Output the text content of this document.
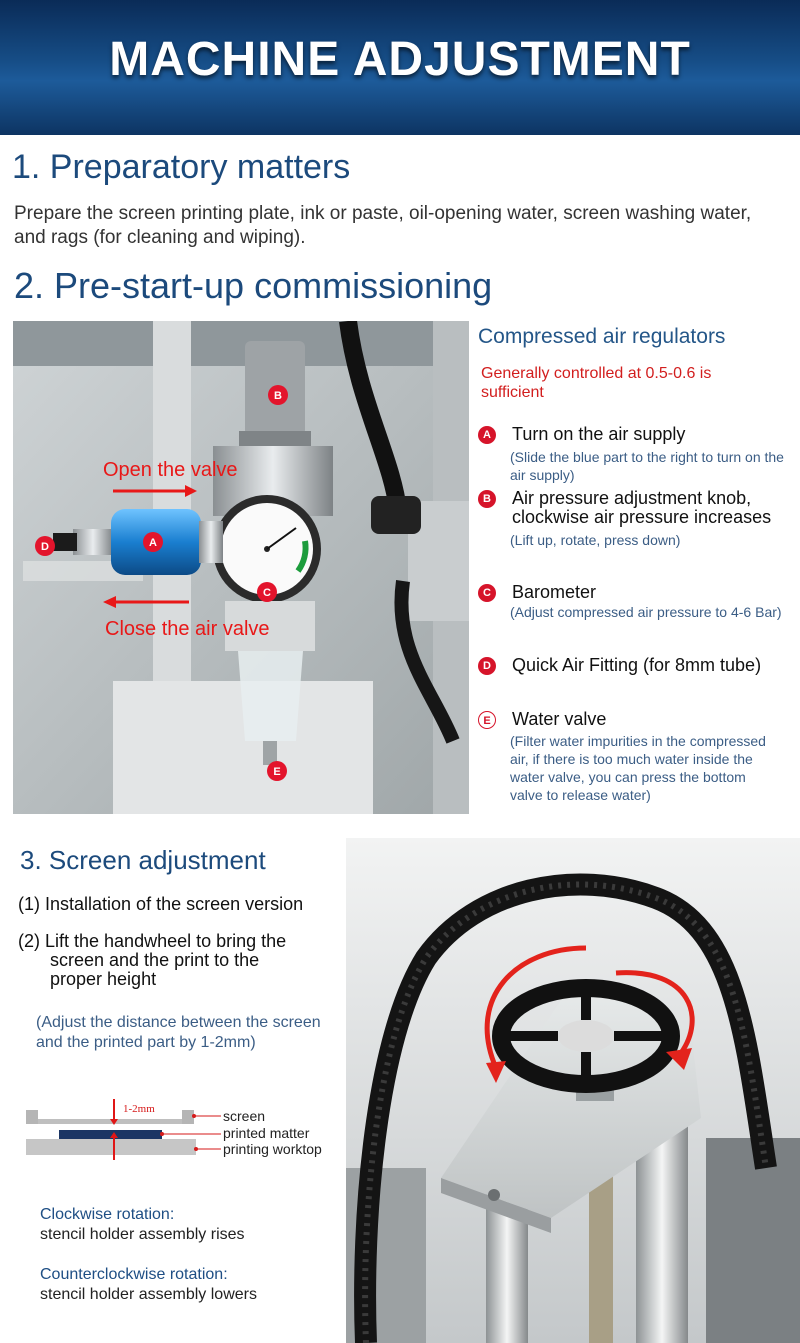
MACHINE ADJUSTMENT
1. Preparatory matters
Prepare the screen printing plate, ink or paste, oil-opening water, screen washing water, and rags (for cleaning and wiping).
2. Pre-start-up commissioning
Open the valve
Close the air valve
B
A
D
C
E
Compressed air regulators
Generally controlled at 0.5-0.6 is sufficient
A Turn on the air supply
(Slide the blue part to the right to turn on the air supply)
B Air pressure adjustment knob, clockwise air pressure increases
(Lift up, rotate, press down)
C Barometer
(Adjust compressed air pressure to 4-6 Bar)
D Quick Air Fitting (for 8mm tube)
E Water valve
(Filter water impurities in the compressed air, if there is too much water inside the water valve, you can press the bottom valve to release water)
3. Screen adjustment
(1) Installation of the screen version
(2) Lift the handwheel to bring the
screen and the print to the
proper height
(Adjust the distance between the screen and the printed part by 1-2mm)
1-2mm	screen
printed matter
printing worktop
Clockwise rotation:
stencil holder assembly rises
Counterclockwise rotation:
stencil holder assembly lowers
